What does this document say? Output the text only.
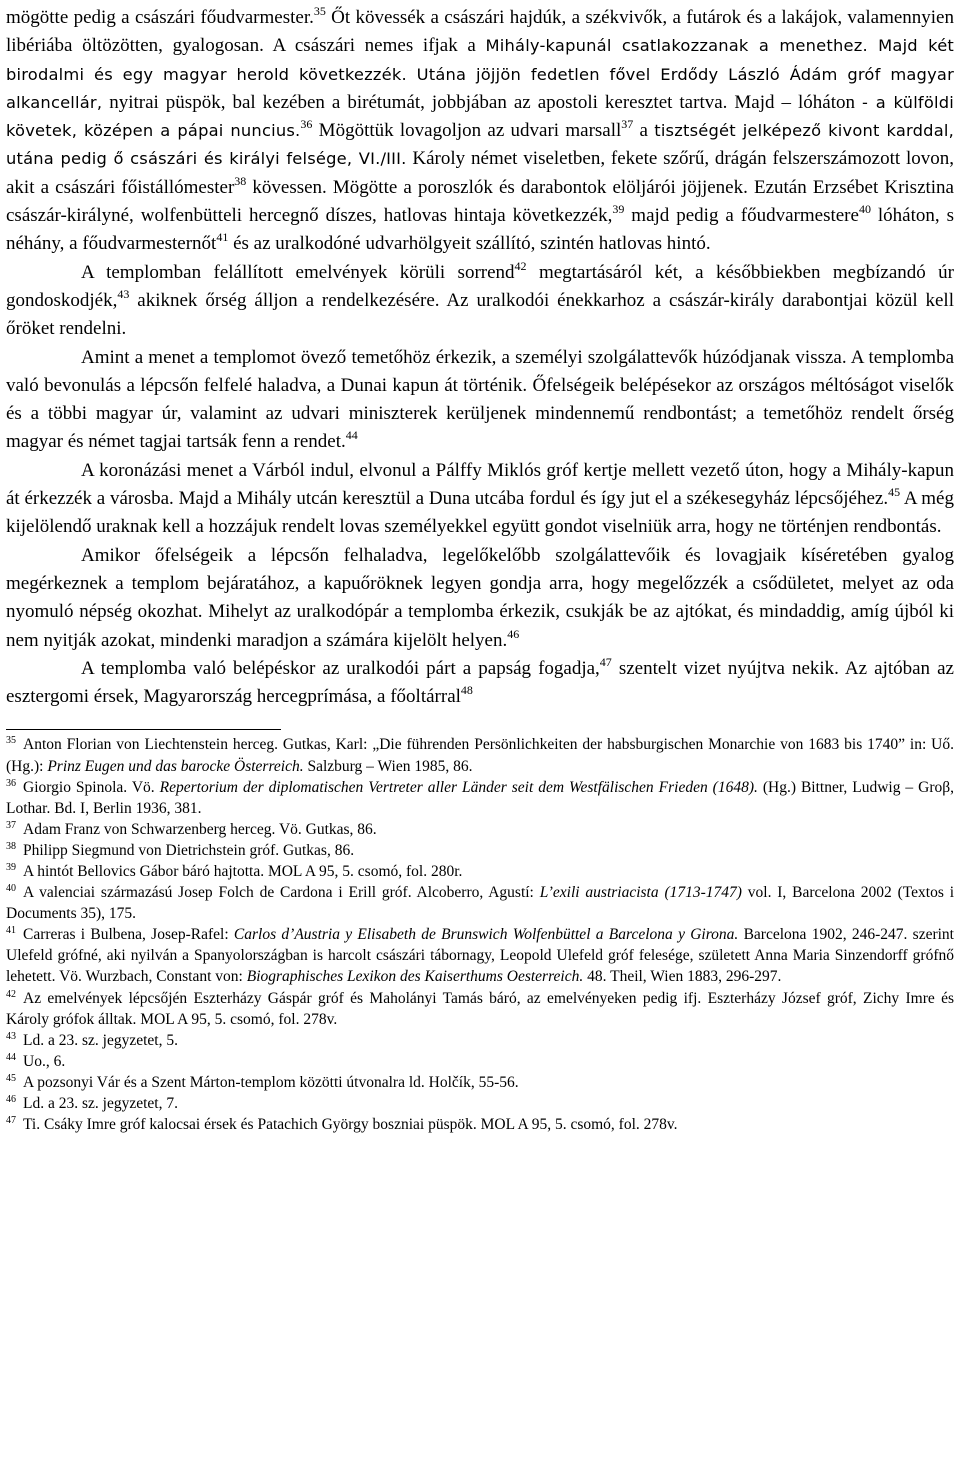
mögötte pedig a császári főudvarmester.$^{35}$ Őt kövessék a császári hajdúk, a székvivők, a futárok és a lakájok, valamennyien libériába öltözötten, gyalogosan. A császári nemes ifjak a Mihály-kapunál csatlakozzanak a menethez. Majd két birodalmi és egy magyar herold következzék. Utána jöjjön fedetlen fővel Erdődy László Ádám gróf magyar alkancellár, nyitrai püspök, bal kezében a birétumát, jobbjában az apostoli keresztet tartva. Majd – lóháton - a külföldi követek, középen a pápai nuncius.$^{36}$ Mögöttük lovagoljon az udvari marsall$^{37}$ a tisztségét jelképező kivont karddal, utána pedig ő császári és királyi felsége, VI./III. Károly német viseletben, fekete szőrű, drágán felszerszámozott lovon, akit a császári főistállómester$^{38}$ kövessen. Mögötte a poroszlók és darabontok elöljárói jöjjenek. Ezután Erzsébet Krisztina császár-királyné, wolfenbütteli hercegnő díszes, hatlovas hintaja következzék,$^{39}$ majd pedig a főudvarmestere$^{40}$ lóháton, s néhány, a főudvarmesternőt$^{41}$ és az uralkodóné udvarhölgyeit szállító, szintén hatlovas hintó.

A templomban felállított emelvények körüli sorrend$^{42}$ megtartásáról két, a későbbiekben megbízandó úr gondoskodjék,$^{43}$ akiknek őrség álljon a rendelkezésére. Az uralkodói énekkarhoz a császár-király darabontjai közül kell őröket rendelni.

Amint a menet a templomot övező temetőhöz érkezik, a személyi szolgálattevők húzódjanak vissza. A templomba való bevonulás a lépcsőn felfelé haladva, a Dunai kapun át történik. Őfelségeik belépésekor az országos méltóságot viselők és a többi magyar úr, valamint az udvari miniszterek kerüljenek mindennemű rendbontást; a temetőhöz rendelt őrség magyar és német tagjai tartsák fenn a rendet.$^{44}$

A koronázási menet a Várból indul, elvonul a Pálffy Miklós gróf kertje mellett vezető úton, hogy a Mihály-kapun át érkezzék a városba. Majd a Mihály utcán keresztül a Duna utcába fordul és így jut el a székesegyház lépcsőjéhez.$^{45}$ A még kijelölendő uraknak kell a hozzájuk rendelt lovas személyekkel együtt gondot viselniük arra, hogy ne történjen rendbontás.

Amikor őfelségeik a lépcsőn felhaladva, legelőkelőbb szolgálattevőik és lovagjaik kíséretében gyalog megérkeznek a templom bejáratához, a kapuőröknek legyen gondja arra, hogy megelőzzék a csődületet, melyet az oda nyomuló népség okozhat. Mihelyt az uralkodópár a templomba érkezik, csukják be az ajtókat, és mindaddig, amíg újból ki nem nyitják azokat, mindenki maradjon a számára kijelölt helyen.$^{46}$

A templomba való belépéskor az uralkodói párt a papság fogadja,$^{47}$ szentelt vizet nyújtva nekik. Az ajtóban az esztergomi érsek, Magyarország hercegprímása, a főoltárral$^{48}$

$^{35}$ Anton Florian von Liechtenstein herceg. Gutkas, Karl: „Die führenden Persönlichkeiten der habsburgischen Monarchie von 1683 bis 1740” in: Uő. (Hg.): Prinz Eugen und das barocke Österreich. Salzburg – Wien 1985, 86.

$^{36}$ Giorgio Spinola. Vö. Repertorium der diplomatischen Vertreter aller Länder seit dem Westfälischen Frieden (1648). (Hg.) Bittner, Ludwig – Groβ, Lothar. Bd. I, Berlin 1936, 381.

$^{37}$ Adam Franz von Schwarzenberg herceg. Vö. Gutkas, 86.

$^{38}$ Philipp Siegmund von Dietrichstein gróf. Gutkas, 86.

$^{39}$ A hintót Bellovics Gábor báró hajtotta. MOL A 95, 5. csomó, fol. 280r.

$^{40}$ A valenciai származású Josep Folch de Cardona i Erill gróf. Alcoberro, Agustí: L’exili austriacista (1713-1747) vol. I, Barcelona 2002 (Textos i Documents 35), 175.

$^{41}$ Carreras i Bulbena, Josep-Rafel: Carlos d’Austria y Elisabeth de Brunswich Wolfenbüttel a Barcelona y Girona. Barcelona 1902, 246-247. szerint Ulefeld grófné, aki nyilván a Spanyolországban is harcolt császári tábornagy, Leopold Ulefeld gróf felesége, született Anna Maria Sinzendorff grófnő lehetett. Vö. Wurzbach, Constant von: Biographisches Lexikon des Kaiserthums Oesterreich. 48. Theil, Wien 1883, 296-297.

$^{42}$ Az emelvények lépcsőjén Eszterházy Gáspár gróf és Maholányi Tamás báró, az emelvényeken pedig ifj. Eszterházy József gróf, Zichy Imre és Károly grófok álltak. MOL A 95, 5. csomó, fol. 278v.

$^{43}$ Ld. a 23. sz. jegyzetet, 5.

$^{44}$ Uo., 6.

$^{45}$ A pozsonyi Vár és a Szent Márton-templom közötti útvonalra ld. Holčík, 55-56.

$^{46}$ Ld. a 23. sz. jegyzetet, 7.

$^{47}$ Ti. Csáky Imre gróf kalocsai érsek és Patachich György boszniai püspök. MOL A 95, 5. csomó, fol. 278v.
